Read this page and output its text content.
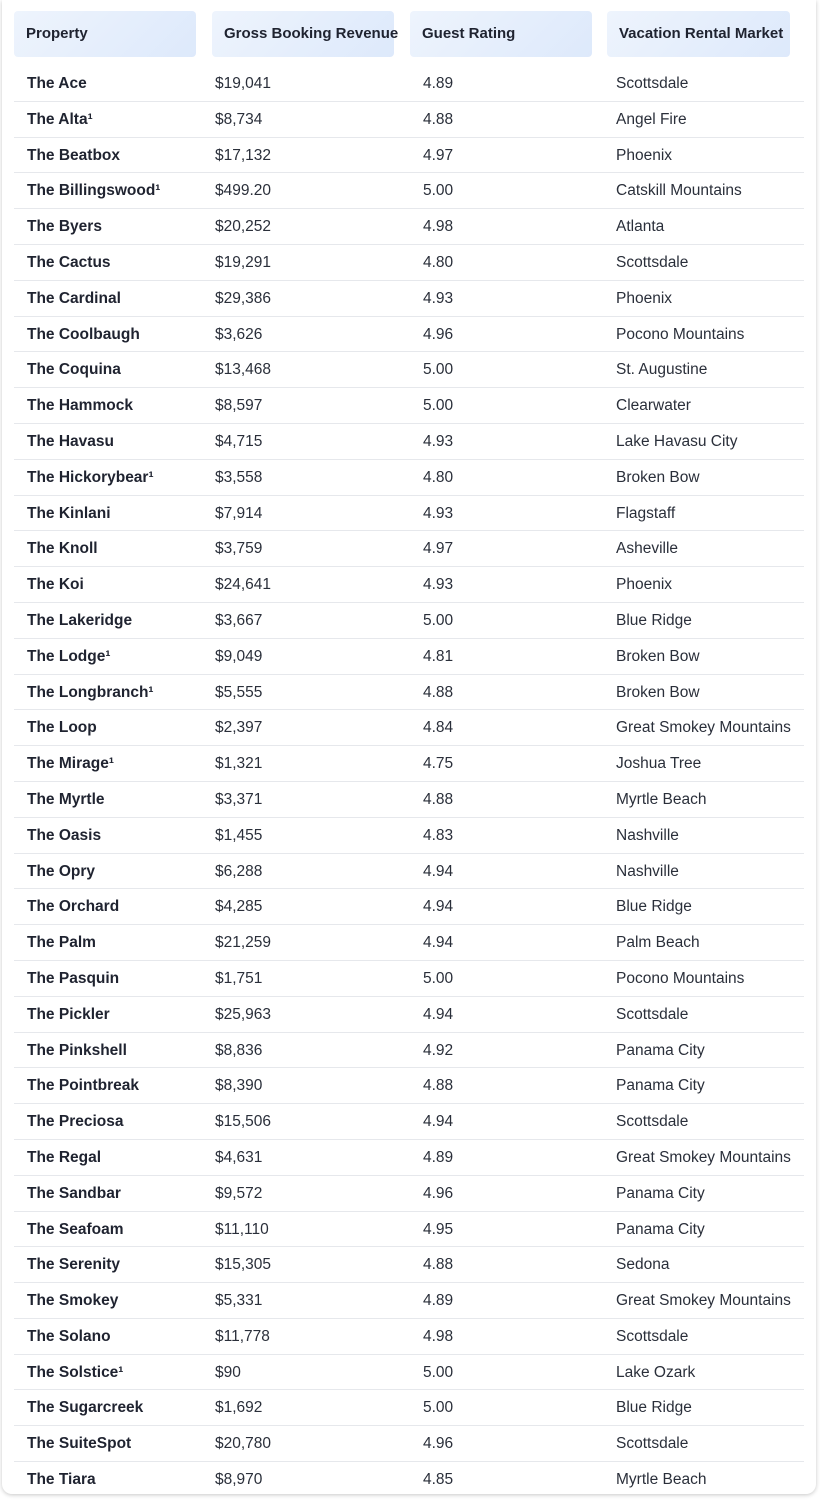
Property	Gross Booking Revenue	Guest Rating	Vacation Rental Market
The Ace	$19,041	4.89	Scottsdale
The Alta¹	$8,734	4.88	Angel Fire
The Beatbox	$17,132	4.97	Phoenix
The Billingswood¹	$499.20	5.00	Catskill Mountains
The Byers	$20,252	4.98	Atlanta
The Cactus	$19,291	4.80	Scottsdale
The Cardinal	$29,386	4.93	Phoenix
The Coolbaugh	$3,626	4.96	Pocono Mountains
The Coquina	$13,468	5.00	St. Augustine
The Hammock	$8,597	5.00	Clearwater
The Havasu	$4,715	4.93	Lake Havasu City
The Hickorybear¹	$3,558	4.80	Broken Bow
The Kinlani	$7,914	4.93	Flagstaff
The Knoll	$3,759	4.97	Asheville
The Koi	$24,641	4.93	Phoenix
The Lakeridge	$3,667	5.00	Blue Ridge
The Lodge¹	$9,049	4.81	Broken Bow
The Longbranch¹	$5,555	4.88	Broken Bow
The Loop	$2,397	4.84	Great Smokey Mountains
The Mirage¹	$1,321	4.75	Joshua Tree
The Myrtle	$3,371	4.88	Myrtle Beach
The Oasis	$1,455	4.83	Nashville
The Opry	$6,288	4.94	Nashville
The Orchard	$4,285	4.94	Blue Ridge
The Palm	$21,259	4.94	Palm Beach
The Pasquin	$1,751	5.00	Pocono Mountains
The Pickler	$25,963	4.94	Scottsdale
The Pinkshell	$8,836	4.92	Panama City
The Pointbreak	$8,390	4.88	Panama City
The Preciosa	$15,506	4.94	Scottsdale
The Regal	$4,631	4.89	Great Smokey Mountains
The Sandbar	$9,572	4.96	Panama City
The Seafoam	$11,110	4.95	Panama City
The Serenity	$15,305	4.88	Sedona
The Smokey	$5,331	4.89	Great Smokey Mountains
The Solano	$11,778	4.98	Scottsdale
The Solstice¹	$90	5.00	Lake Ozark
The Sugarcreek	$1,692	5.00	Blue Ridge
The SuiteSpot	$20,780	4.96	Scottsdale
The Tiara	$8,970	4.85	Myrtle Beach
